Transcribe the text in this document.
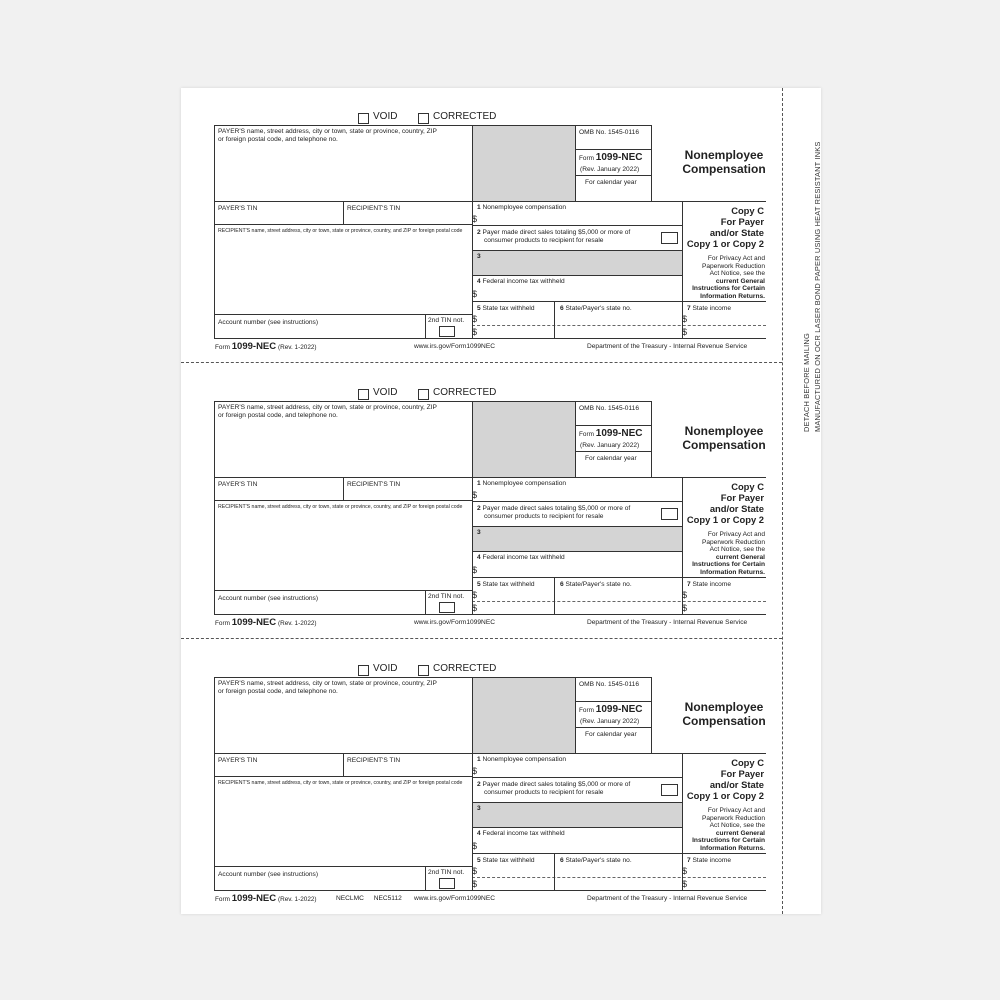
DETACH BEFORE MAILING MANUFACTURED ON OCR LASER BOND PAPER USING HEAT RESISTANT INKS
VOID	CORRECTED
PAYER'S name, street address, city or town, state or province, country, ZIP
or foreign postal code, and telephone no.
OMB No. 1545-0116
Form 1099-NEC
(Rev. January 2022)
For calendar year
Nonemployee
Compensation
PAYER'S TIN	RECIPIENT'S TIN
RECIPIENT'S name, street address, city or town, state or province, country, and ZIP or foreign postal code
1 Nonemployee compensation
$
2 Payer made direct sales totaling $5,000 or more of
consumer products to recipient for resale
3
4 Federal income tax withheld
$
5 State tax withheld	6 State/Payer's state no.	7 State income
$
$
$
$
Copy C
For Payer
and/or State
Copy 1 or Copy 2
For Privacy Act and
Paperwork Reduction
Act Notice, see the
current General
Instructions for Certain
Information Returns.
Account number (see instructions)	2nd TIN not.
Form 1099-NEC (Rev. 1-2022)	www.irs.gov/Form1099NEC	Department of the Treasury - Internal Revenue Service
VOID	CORRECTED
PAYER'S name, street address, city or town, state or province, country, ZIP
or foreign postal code, and telephone no.
OMB No. 1545-0116
Form 1099-NEC
(Rev. January 2022)
For calendar year
Nonemployee
Compensation
PAYER'S TIN	RECIPIENT'S TIN
RECIPIENT'S name, street address, city or town, state or province, country, and ZIP or foreign postal code
1 Nonemployee compensation
$
2 Payer made direct sales totaling $5,000 or more of
consumer products to recipient for resale
3
4 Federal income tax withheld
$
5 State tax withheld	6 State/Payer's state no.	7 State income
$
$
$
$
Copy C
For Payer
and/or State
Copy 1 or Copy 2
For Privacy Act and
Paperwork Reduction
Act Notice, see the
current General
Instructions for Certain
Information Returns.
Account number (see instructions)	2nd TIN not.
Form 1099-NEC (Rev. 1-2022)	www.irs.gov/Form1099NEC	Department of the Treasury - Internal Revenue Service
VOID	CORRECTED
PAYER'S name, street address, city or town, state or province, country, ZIP
or foreign postal code, and telephone no.
OMB No. 1545-0116
Form 1099-NEC
(Rev. January 2022)
For calendar year
Nonemployee
Compensation
PAYER'S TIN	RECIPIENT'S TIN
RECIPIENT'S name, street address, city or town, state or province, country, and ZIP or foreign postal code
1 Nonemployee compensation
$
2 Payer made direct sales totaling $5,000 or more of
consumer products to recipient for resale
3
4 Federal income tax withheld
$
5 State tax withheld	6 State/Payer's state no.	7 State income
$
$
$
$
Copy C
For Payer
and/or State
Copy 1 or Copy 2
For Privacy Act and
Paperwork Reduction
Act Notice, see the
current General
Instructions for Certain
Information Returns.
Account number (see instructions)	2nd TIN not.
Form 1099-NEC (Rev. 1-2022)	NECLMC NEC5112 www.irs.gov/Form1099NEC	Department of the Treasury - Internal Revenue Service
